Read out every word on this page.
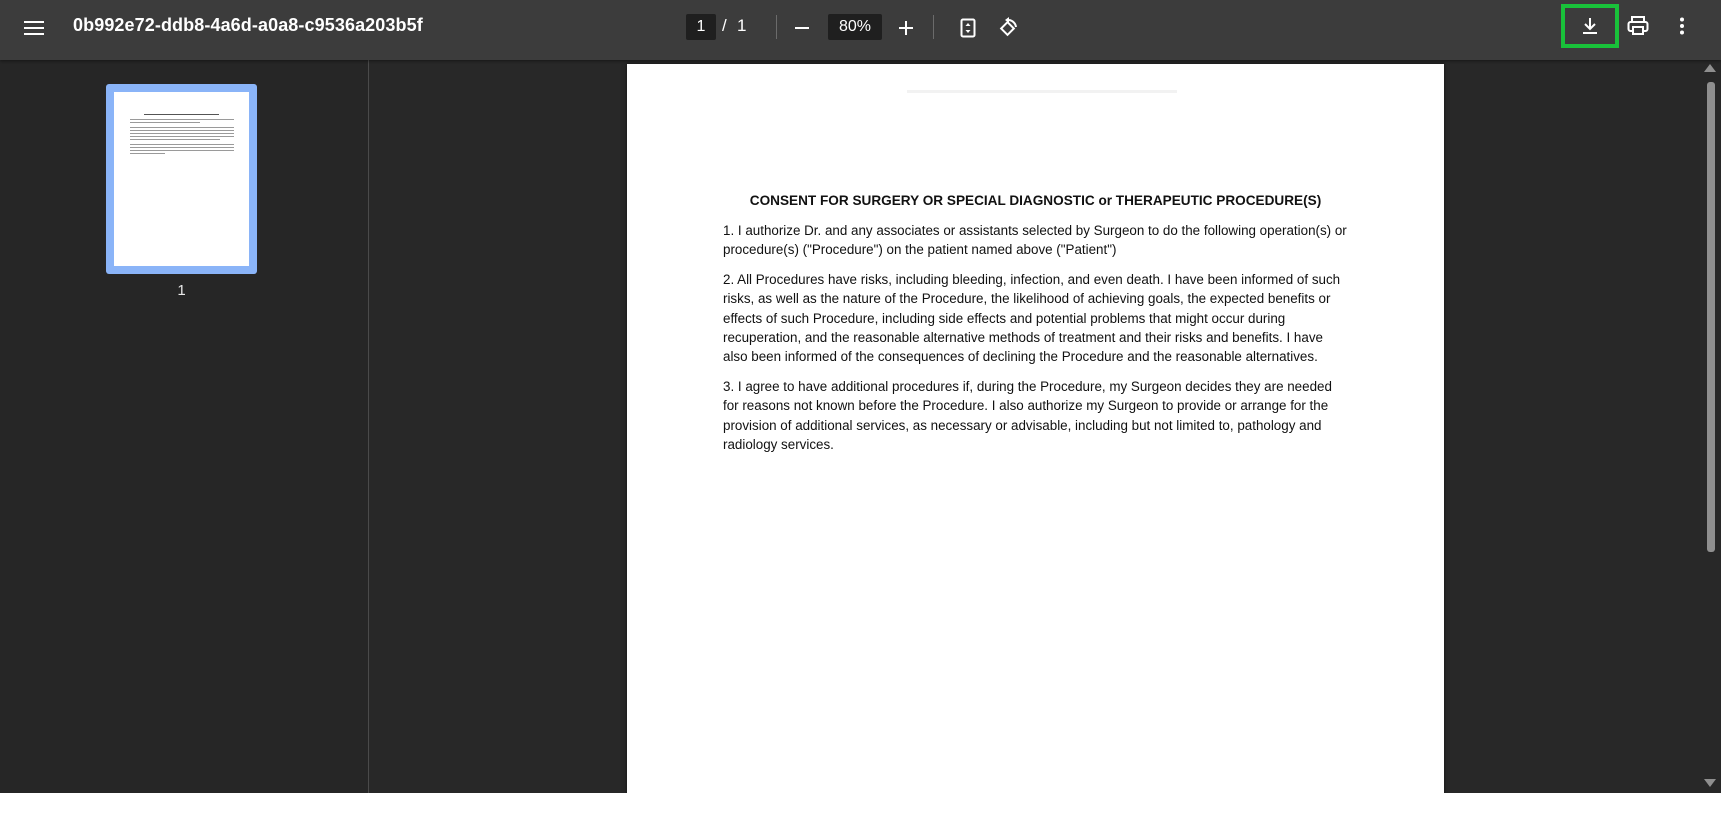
0b992e72-ddb8-4a6d-a0a8-c9536a203b5f
1	/ 1
80%
1
CONSENT FOR SURGERY OR SPECIAL DIAGNOSTIC or THERAPEUTIC PROCEDURE(S)
1. I authorize Dr. and any associates or assistants selected by Surgeon to do the following operation(s) or procedure(s) ("Procedure") on the patient named above ("Patient")
2. All Procedures have risks, including bleeding, infection, and even death. I have been informed of such risks, as well as the nature of the Procedure, the likelihood of achieving goals, the expected benefits or effects of such Procedure, including side effects and potential problems that might occur during recuperation, and the reasonable alternative methods of treatment and their risks and benefits. I have also been informed of the consequences of declining the Procedure and the reasonable alternatives.
3. I agree to have additional procedures if, during the Procedure, my Surgeon decides they are needed for reasons not known before the Procedure. I also authorize my Surgeon to provide or arrange for the provision of additional services, as necessary or advisable, including but not limited to, pathology and radiology services.
